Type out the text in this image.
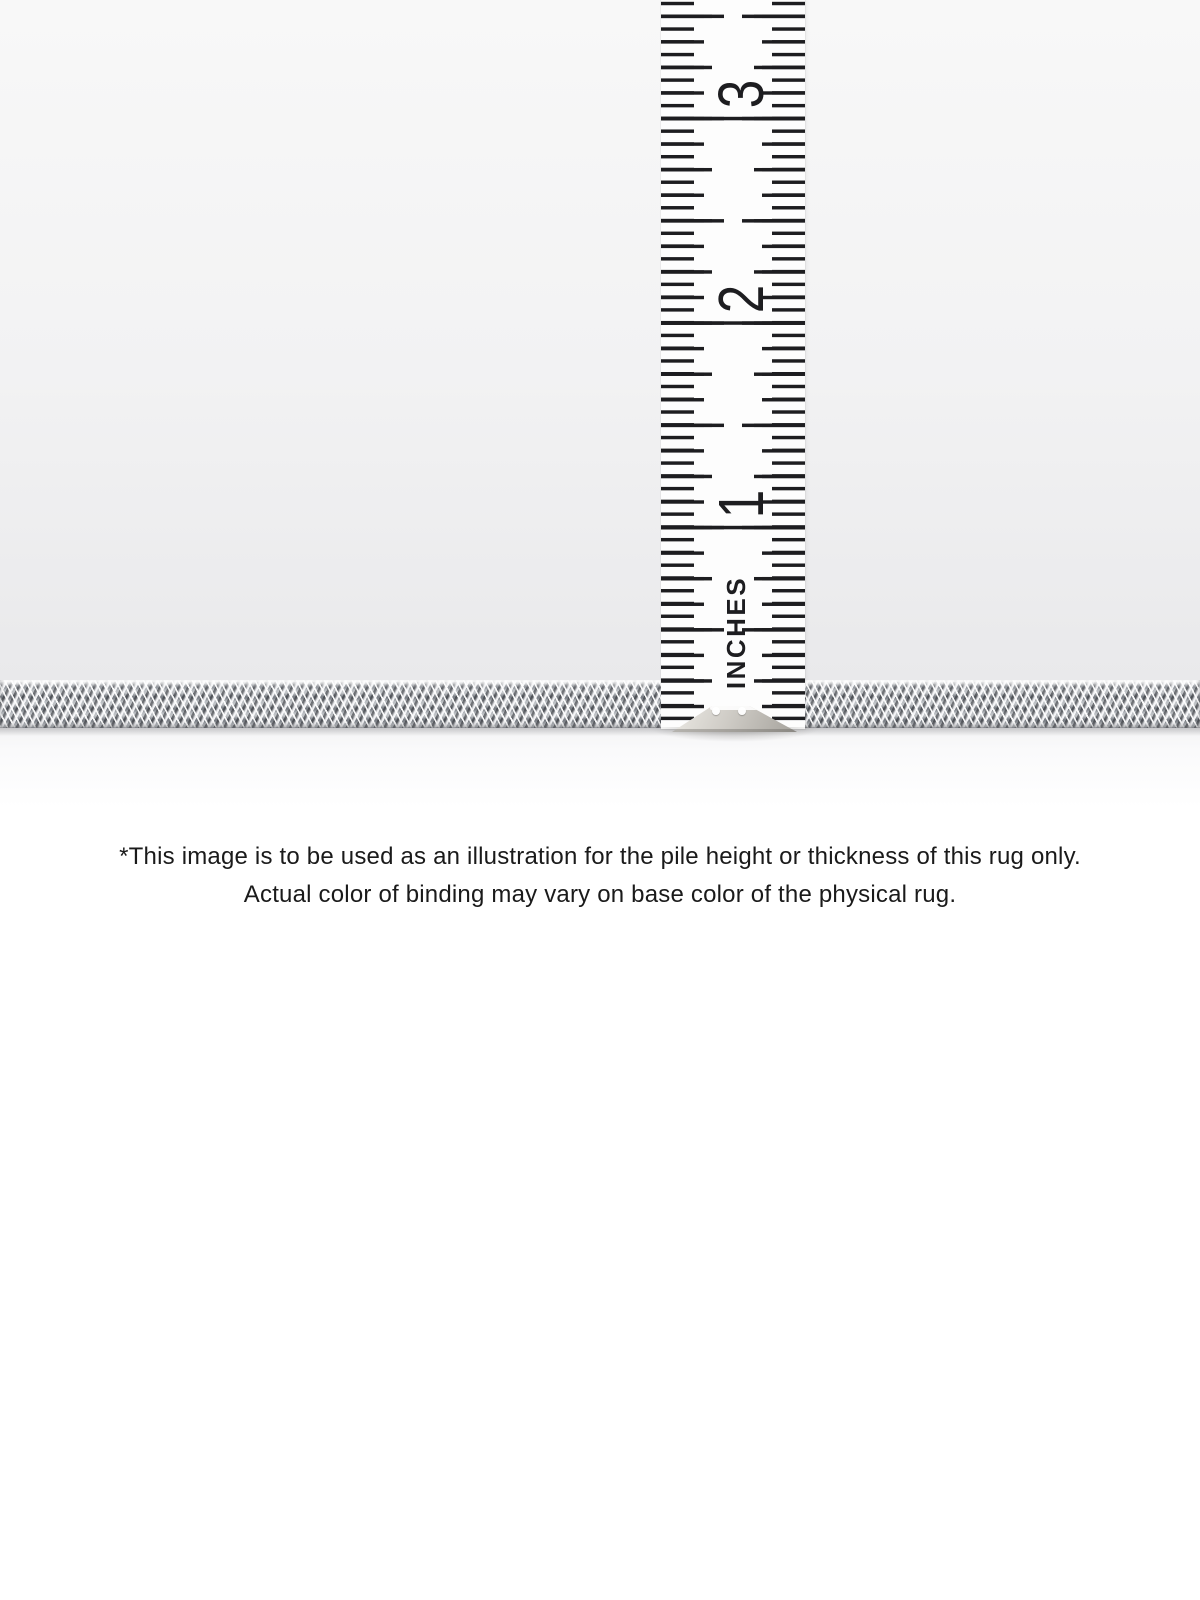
3
2
1
INCHES

*This image is to be used as an illustration for the pile height or thickness of this rug only.

Actual color of binding may vary on base color of the physical rug.
